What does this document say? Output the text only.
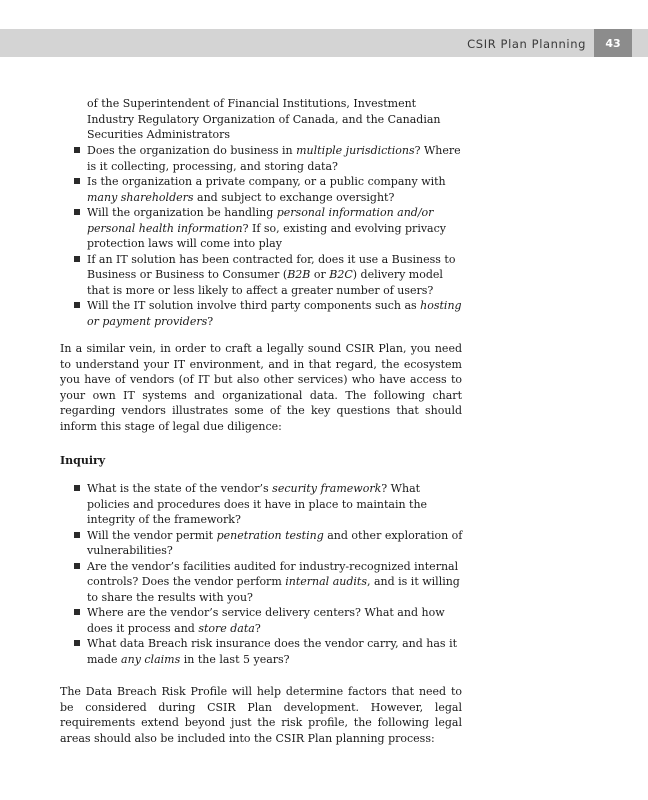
CSIR Plan Planning	43
of the Superintendent of Financial Institutions, Investment Industry Regulatory Organization of Canada, and the Canadian Securities Administrators
Does the organization do business in multiple jurisdictions? Where is it collecting, processing, and storing data?
Is the organization a private company, or a public company with many shareholders and subject to exchange oversight?
Will the organization be handling personal information and/or personal health information? If so, existing and evolving privacy protection laws will come into play
If an IT solution has been contracted for, does it use a Business to Business or Business to Consumer (B2B or B2C) delivery model that is more or less likely to affect a greater number of users?
Will the IT solution involve third party components such as hosting or payment providers?
In a similar vein, in order to craft a legally sound CSIR Plan, you need to understand your IT environment, and in that regard, the ecosystem you have of vendors (of IT but also other services) who have access to your own IT systems and organizational data. The following chart regarding vendors illustrates some of the key questions that should inform this stage of legal due diligence:
Inquiry
What is the state of the vendor’s security framework? What policies and procedures does it have in place to maintain the integrity of the framework?
Will the vendor permit penetration testing and other exploration of vulnerabilities?
Are the vendor’s facilities audited for industry-recognized internal controls? Does the vendor perform internal audits, and is it willing to share the results with you?
Where are the vendor’s service delivery centers? What and how does it process and store data?
What data Breach risk insurance does the vendor carry, and has it made any claims in the last 5 years?
The Data Breach Risk Profile will help determine factors that need to be considered during CSIR Plan development. However, legal requirements extend beyond just the risk profile, the following legal areas should also be included into the CSIR Plan planning process:
